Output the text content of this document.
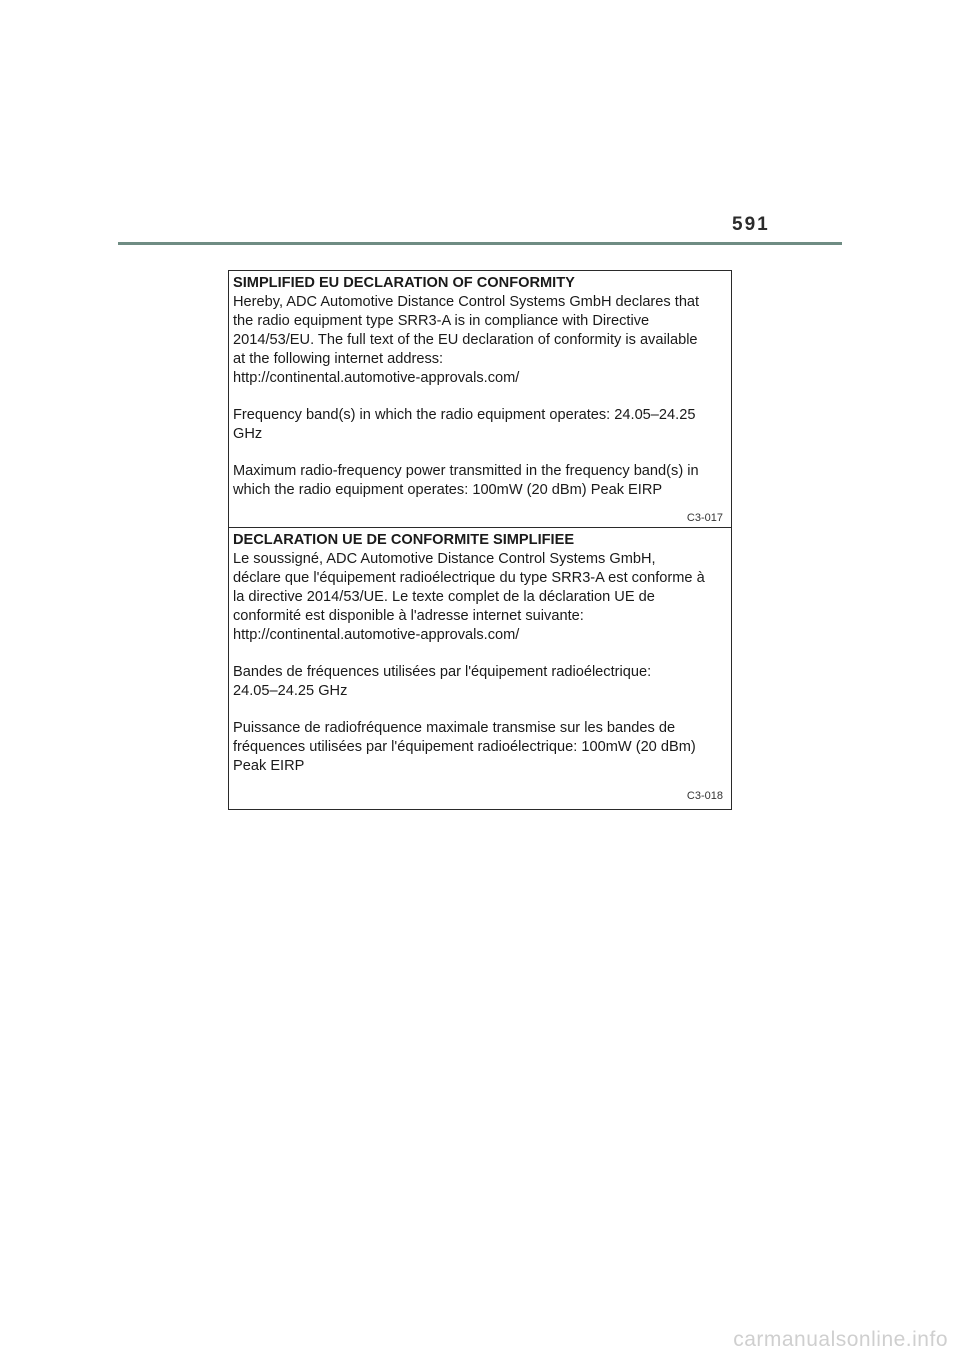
591
SIMPLIFIED EU DECLARATION OF CONFORMITY
Hereby, ADC Automotive Distance Control Systems GmbH declares that
the radio equipment type SRR3-A is in compliance with Directive
2014/53/EU. The full text of the EU declaration of conformity is available
at the following internet address:
http://continental.automotive-approvals.com/
Frequency band(s) in which the radio equipment operates: 24.05–24.25
GHz
Maximum radio-frequency power transmitted in the frequency band(s) in
which the radio equipment operates: 100mW (20 dBm) Peak EIRP
C3-017
DECLARATION UE DE CONFORMITE SIMPLIFIEE
Le soussigné, ADC Automotive Distance Control Systems GmbH,
déclare que l'équipement radioélectrique du type SRR3-A est conforme à
la directive 2014/53/UE. Le texte complet de la déclaration UE de
conformité est disponible à l'adresse internet suivante:
http://continental.automotive-approvals.com/
Bandes de fréquences utilisées par l'équipement radioélectrique:
24.05–24.25 GHz
Puissance de radiofréquence maximale transmise sur les bandes de
fréquences utilisées par l'équipement radioélectrique: 100mW (20 dBm)
Peak EIRP
C3-018
carmanualsonline.info
